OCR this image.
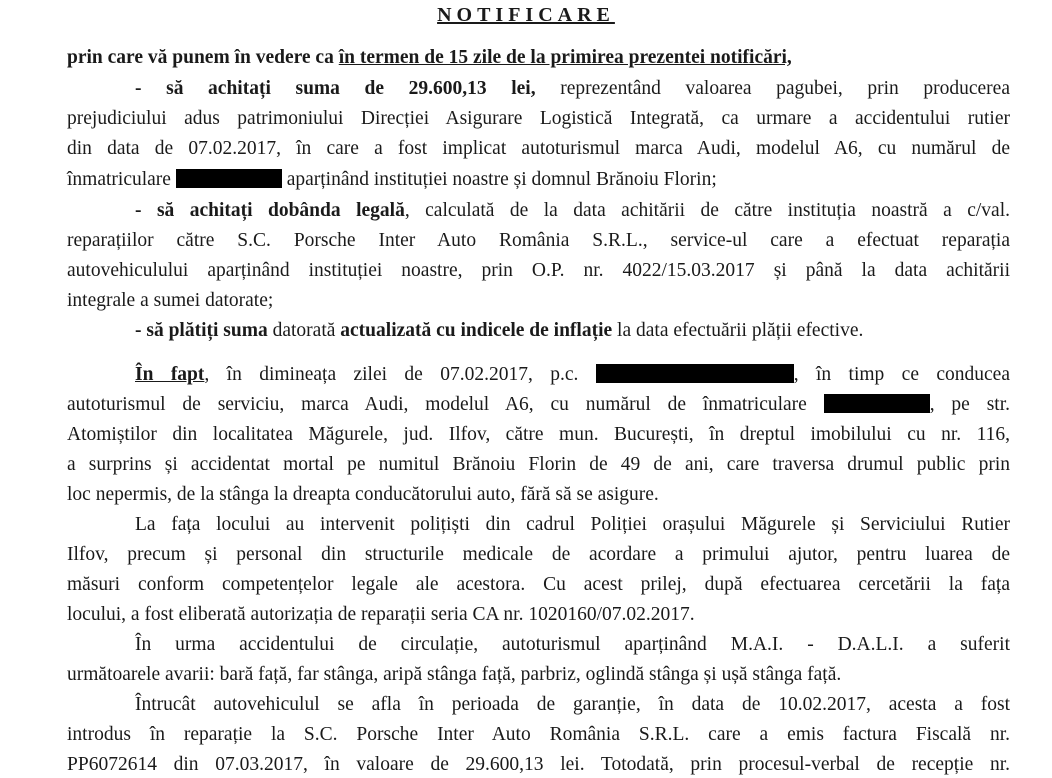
NOTIFICARE
prin care vă punem în vedere ca în termen de 15 zile de la primirea prezentei notificări,
- să achitați suma de 29.600,13 lei, reprezentând valoarea pagubei, prin producerea
prejudiciului adus patrimoniului Direcției Asigurare Logistică Integrată, ca urmare a accidentului rutier
din data de 07.02.2017, în care a fost implicat autoturismul marca Audi, modelul A6, cu numărul de
înmatriculare	aparținând instituției noastre și domnul Brănoiu Florin;
- să achitați dobânda legală, calculată de la data achitării de către instituția noastră a c/val.
reparațiilor către S.C. Porsche Inter Auto România S.R.L., service-ul care a efectuat reparația
autovehiculului aparținând instituției noastre, prin O.P. nr. 4022/15.03.2017 și până la data achitării
integrale a sumei datorate;
- să plătiți suma datorată actualizată cu indicele de inflație la data efectuării plății efective.
În fapt, în dimineața zilei de 07.02.2017, p.c.	, în timp ce conducea
autoturismul de serviciu, marca Audi, modelul A6, cu numărul de înmatriculare	, pe str.
Atomiștilor din localitatea Măgurele, jud. Ilfov, către mun. București, în dreptul imobilului cu nr. 116,
a surprins și accidentat mortal pe numitul Brănoiu Florin de 49 de ani, care traversa drumul public prin
loc nepermis, de la stânga la dreapta conducătorului auto, fără să se asigure.
La fața locului au intervenit polițiști din cadrul Poliției orașului Măgurele și Serviciului Rutier
Ilfov, precum și personal din structurile medicale de acordare a primului ajutor, pentru luarea de
măsuri conform competențelor legale ale acestora. Cu acest prilej, după efectuarea cercetării la fața
locului, a fost eliberată autorizația de reparații seria CA nr. 1020160/07.02.2017.
În urma accidentului de circulație, autoturismul aparținând M.A.I. - D.A.L.I. a suferit
următoarele avarii: bară față, far stânga, aripă stânga față, parbriz, oglindă stânga și ușă stânga față.
Întrucât autovehiculul se afla în perioada de garanție, în data de 10.02.2017, acesta a fost
introdus în reparație la S.C. Porsche Inter Auto România S.R.L. care a emis factura Fiscală nr.
PP6072614 din 07.03.2017, în valoare de 29.600,13 lei. Totodată, prin procesul-verbal de recepție nr.
